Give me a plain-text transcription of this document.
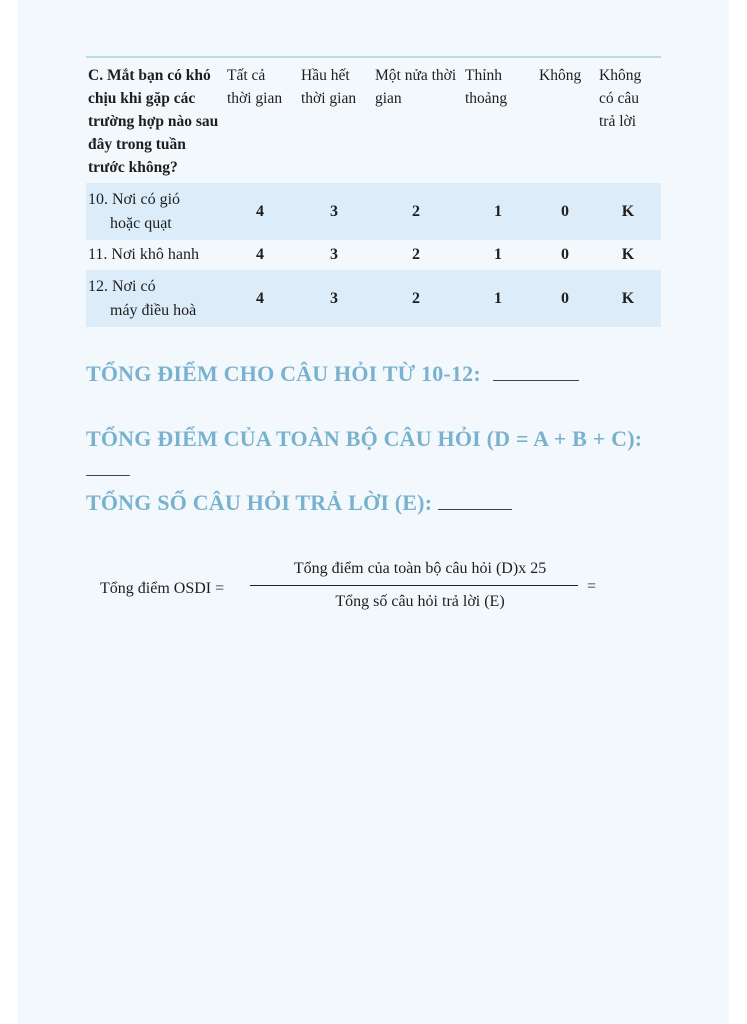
C. Mắt bạn có khó chịu khi gặp các trường hợp nào sau đây trong tuần trước không?	Tất cả thời gian	Hầu hết thời gian	Một nửa thời gian	Thỉnh thoảng	Không	Không có câu trả lời
10. Nơi có gió
hoặc quạt	4	3	2	1	0	K
11. Nơi khô hanh	4	3	2	1	0	K
12. Nơi có
máy điều hoà	4	3	2	1	0	K
TỔNG ĐIỂM CHO CÂU HỎI TỪ 10-12:
TỔNG ĐIỂM CỦA TOÀN BỘ CÂU HỎI (D = A + B + C):
TỔNG SỐ CÂU HỎI TRẢ LỜI (E):
Tổng điểm OSDI =
Tổng điểm của toàn bộ câu hỏi (D)x 25
Tổng số câu hỏi trả lời (E)
=
